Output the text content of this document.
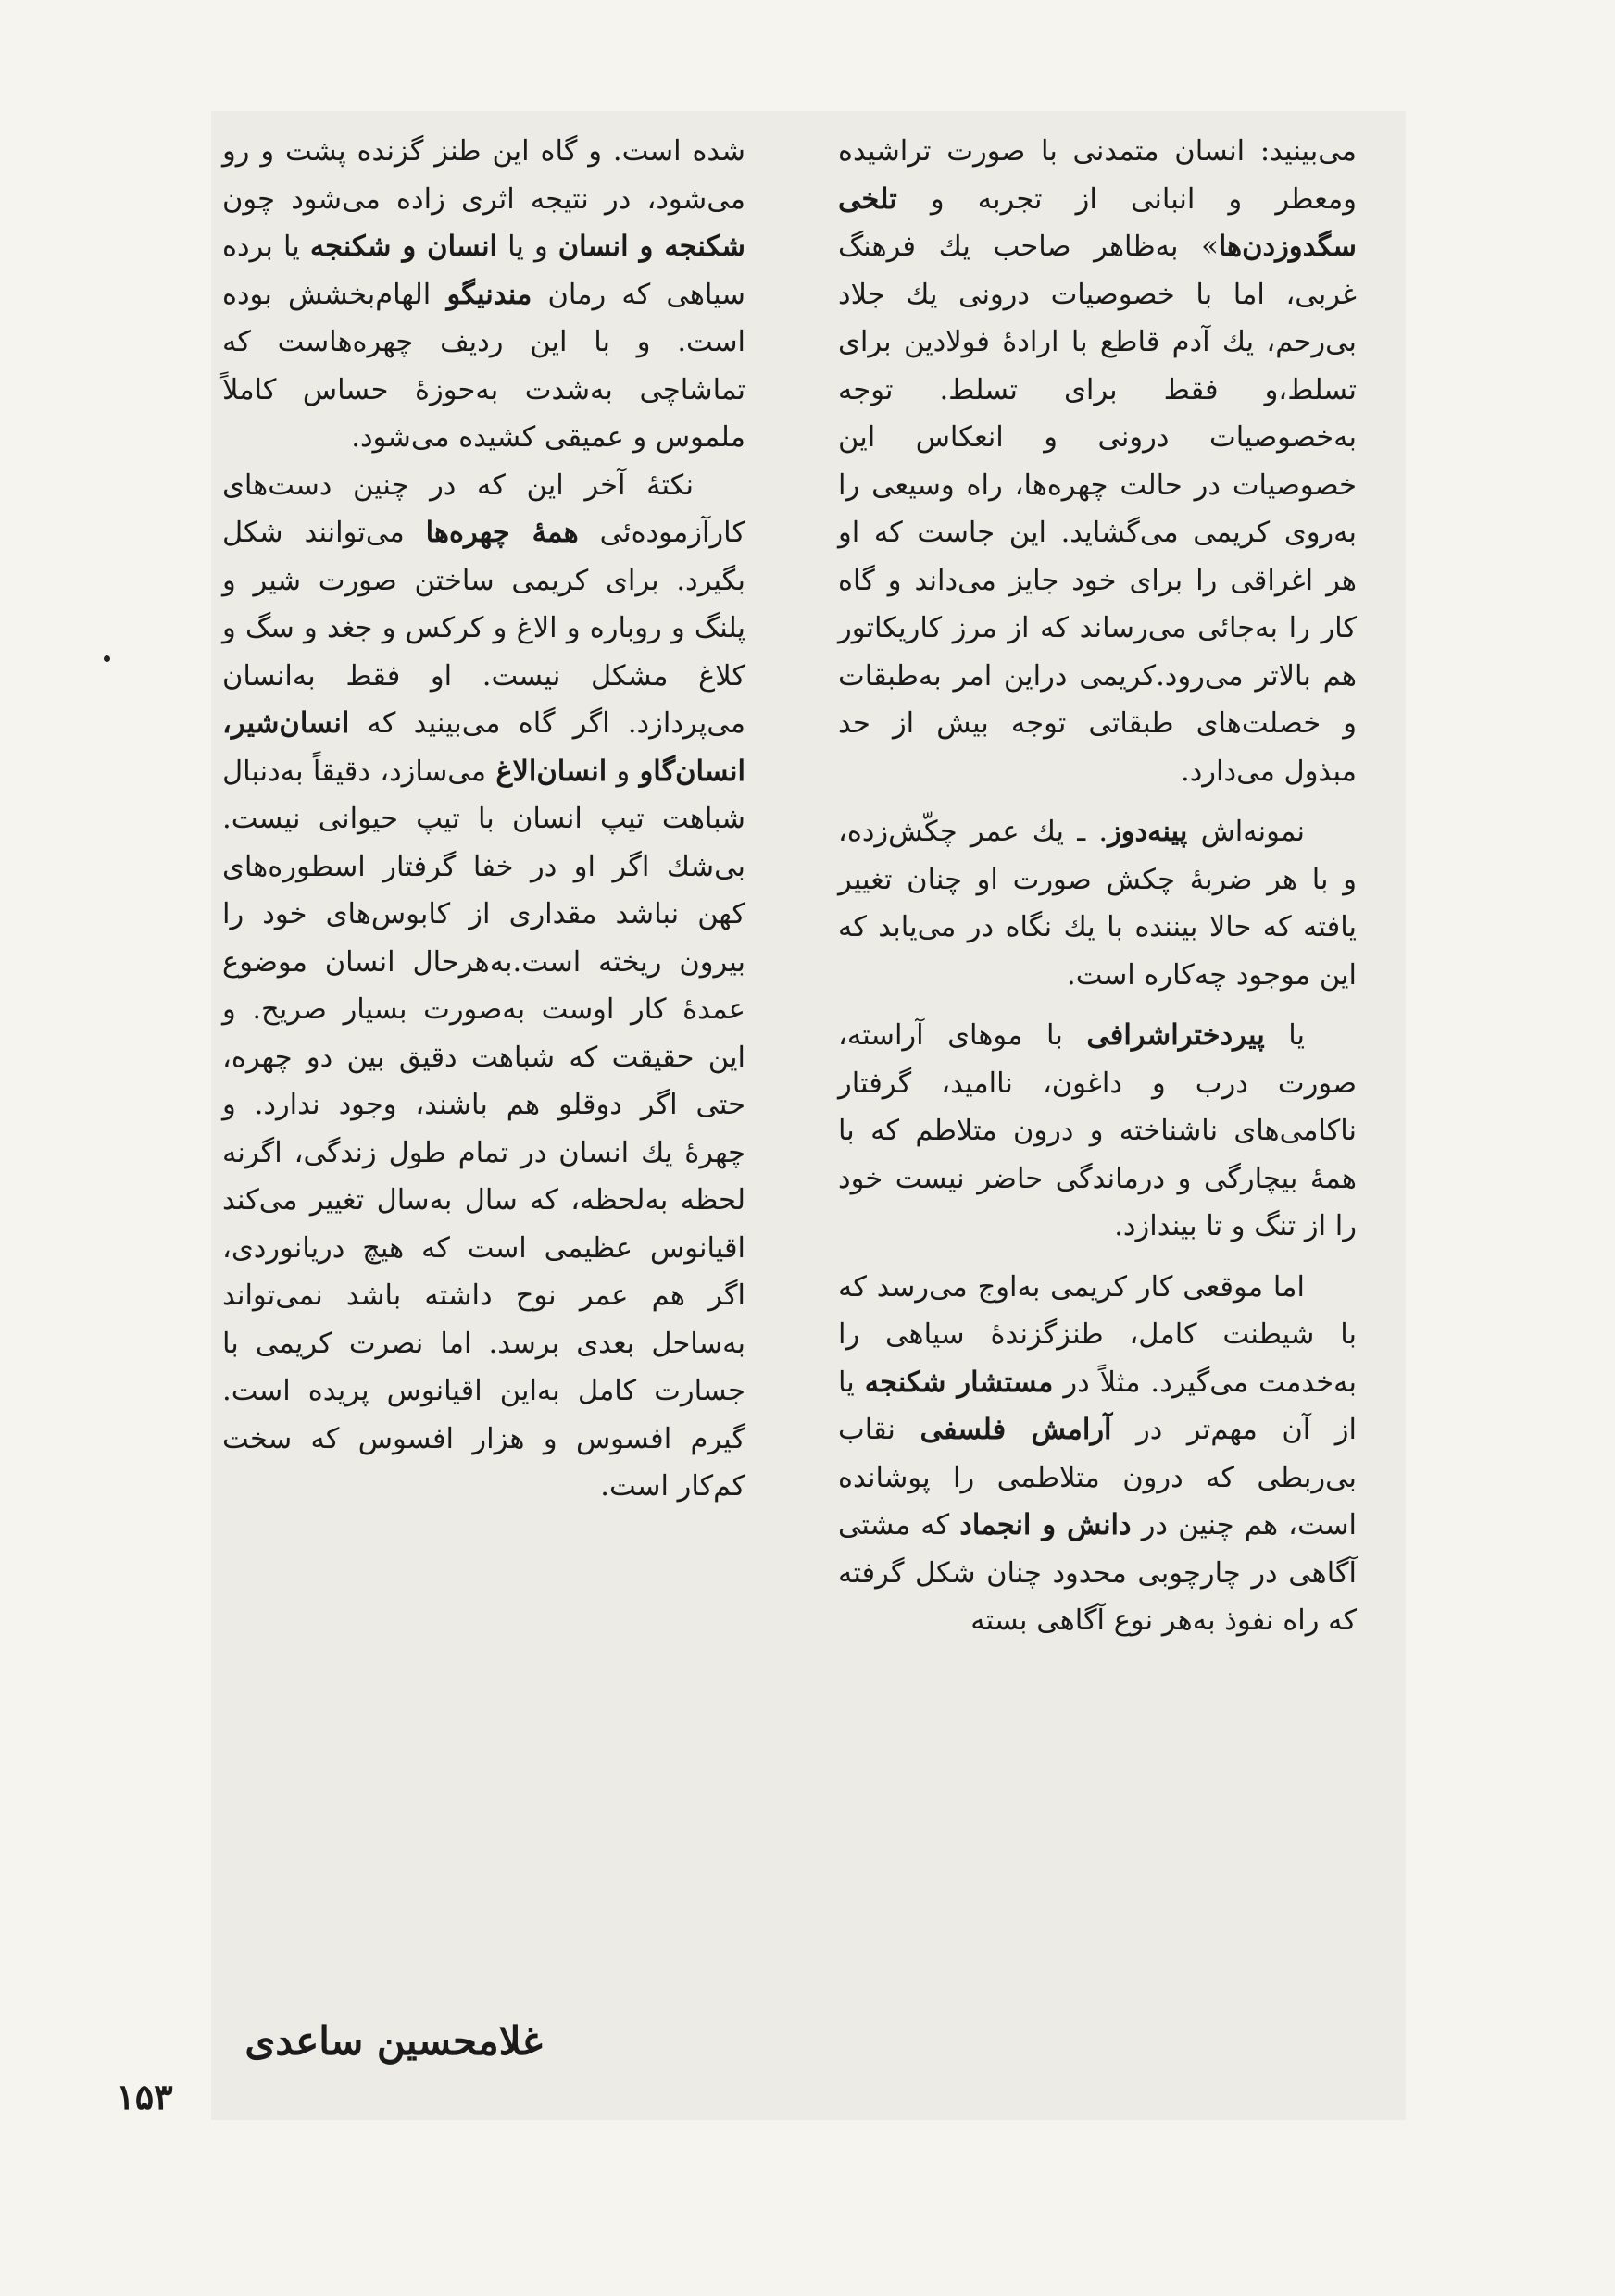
می‌بینید: انسان متمدنی با صورت تراشیده ومعطر و انبانی از تجربه و تلخی سگدوزدن‌ها» به‌ظاهر صاحب یك فرهنگ غربی، اما با خصوصیات درونی یك جلاد بی‌رحم، یك آدم قاطع با ارادهٔ فولادین برای تسلط،و فقط برای تسلط. توجه به‌خصوصیات درونی و انعکاس این خصوصیات در حالت چهره‌ها، راه وسیعی را به‌روی کریمی می‌گشاید. این جاست که او هر اغراقی را برای خود جایز می‌داند و گاه کار را به‌جائی می‌رساند که از مرز کاریکاتور هم بالاتر می‌رود.کریمی دراین امر به‌طبقات و خصلت‌های طبقاتی توجه بیش از حد مبذول می‌دارد.

نمونه‌اش پینه‌دوز. ـ یك عمر چکّش‌زده، و با هر ضربهٔ چکش صورت او چنان تغییر یافته که حالا بیننده با یك نگاه در می‌یابد که این موجود چه‌کاره است.

یا پیردختراشرافی با موهای آراسته، صورت درب و داغون، ناامید، گرفتار ناکامی‌های ناشناخته و درون متلاطم که با همهٔ بیچارگی و درماندگی حاضر نیست خود را از تنگ و تا بیندازد.

اما موقعی کار کریمی به‌اوج می‌رسد که با شیطنت کامل، طنزگزندهٔ سیاهی را به‌خدمت می‌گیرد. مثلاً در مستشار شکنجه یا از آن مهم‌تر در آرامش فلسفی نقاب بی‌ربطی که درون متلاطمی را پوشانده است، هم چنین در دانش و انجماد که مشتی آگاهی در چارچوبی محدود چنان شکل گرفته که راه نفوذ به‌هر نوع آگاهی بسته

شده است. و گاه این طنز گزنده پشت و رو می‌شود، در نتیجه اثری زاده می‌شود چون شکنجه و انسان و یا انسان و شکنجه یا برده سیاهی که رمان مندنیگو الهام‌بخشش بوده است. و با این ردیف چهره‌هاست که تماشاچی به‌شدت به‌حوزهٔ حساس کاملاً ملموس و عمیقی کشیده می‌شود.

نکتهٔ آخر این که در چنین دست‌های کارآزموده‌ئی همهٔ چهره‌ها می‌توانند شکل بگیرد. برای کریمی ساختن صورت شیر و پلنگ و روباره و الاغ و کرکس و جغد و سگ و کلاغ مشکل نیست. او فقط به‌انسان می‌پردازد. اگر گاه می‌بینید که انسان‌شیر، انسان‌گاو و انسان‌الاغ می‌سازد، دقیقاً به‌دنبال شباهت تیپ انسان با تیپ حیوانی نیست. بی‌شك اگر او در خفا گرفتار اسطوره‌های کهن نباشد مقداری از کابوس‌های خود را بیرون ریخته است.به‌هرحال انسان موضوع عمدهٔ کار اوست به‌صورت بسیار صریح. و این حقیقت که شباهت دقیق بین دو چهره، حتی اگر دوقلو هم باشند، وجود ندارد. و چهرهٔ یك انسان در تمام طول زندگی، اگرنه لحظه به‌لحظه، که سال به‌سال تغییر می‌کند اقیانوس عظیمی است که هیچ دریانوردی، اگر هم عمر نوح داشته باشد نمی‌تواند به‌ساحل بعدی برسد. اما نصرت کریمی با جسارت کامل به‌این اقیانوس پریده است. گیرم افسوس و هزار افسوس که سخت کم‌کار است.

غلامحسین ساعدی
۱۵۳
